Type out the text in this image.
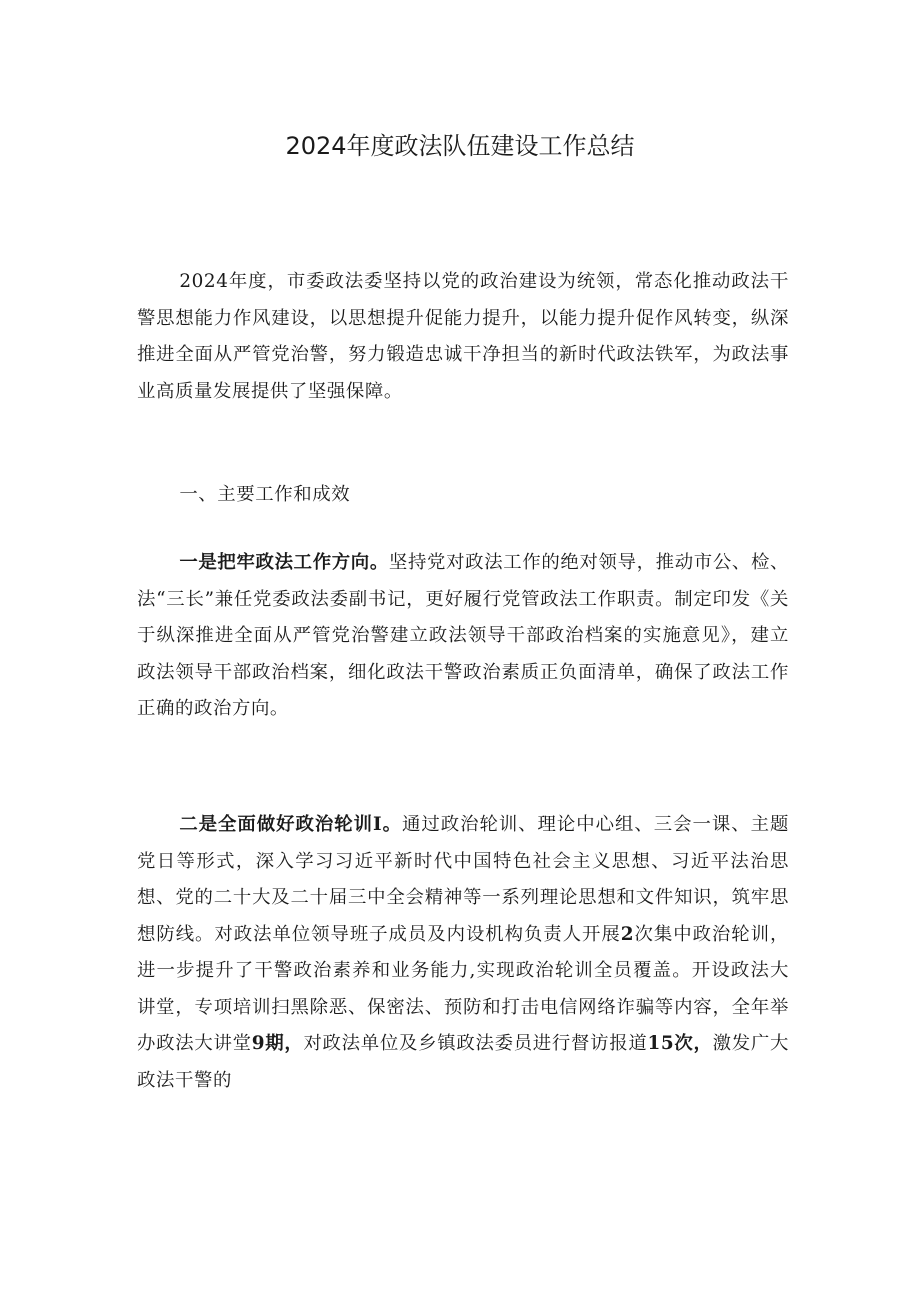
2024年度政法队伍建设工作总结

2024年度，市委政法委坚持以党的政治建设为统领，常态化推动政法干警思想能力作风建设，以思想提升促能力提升，以能力提升促作风转变，纵深推进全面从严管党治警，努力锻造忠诚干净担当的新时代政法铁军，为政法事业高质量发展提供了坚强保障。

一、主要工作和成效

一是把牢政法工作方向。坚持党对政法工作的绝对领导，推动市公、检、法“三长”兼任党委政法委副书记，更好履行党管政法工作职责。制定印发《关于纵深推进全面从严管党治警建立政法领导干部政治档案的实施意见》，建立政法领导干部政治档案，细化政法干警政治素质正负面清单，确保了政法工作正确的政治方向。

二是全面做好政治轮训I。通过政治轮训、理论中心组、三会一课、主题党日等形式，深入学习习近平新时代中国特色社会主义思想、习近平法治思想、党的二十大及二十届三中全会精神等一系列理论思想和文件知识，筑牢思想防线。对政法单位领导班子成员及内设机构负责人开展2次集中政治轮训，进一步提升了干警政治素养和业务能力,实现政治轮训全员覆盖。开设政法大讲堂，专项培训扫黑除恶、保密法、预防和打击电信网络诈骗等内容，全年举办政法大讲堂9期，对政法单位及乡镇政法委员进行督访报道15次，激发广大政法干警的
